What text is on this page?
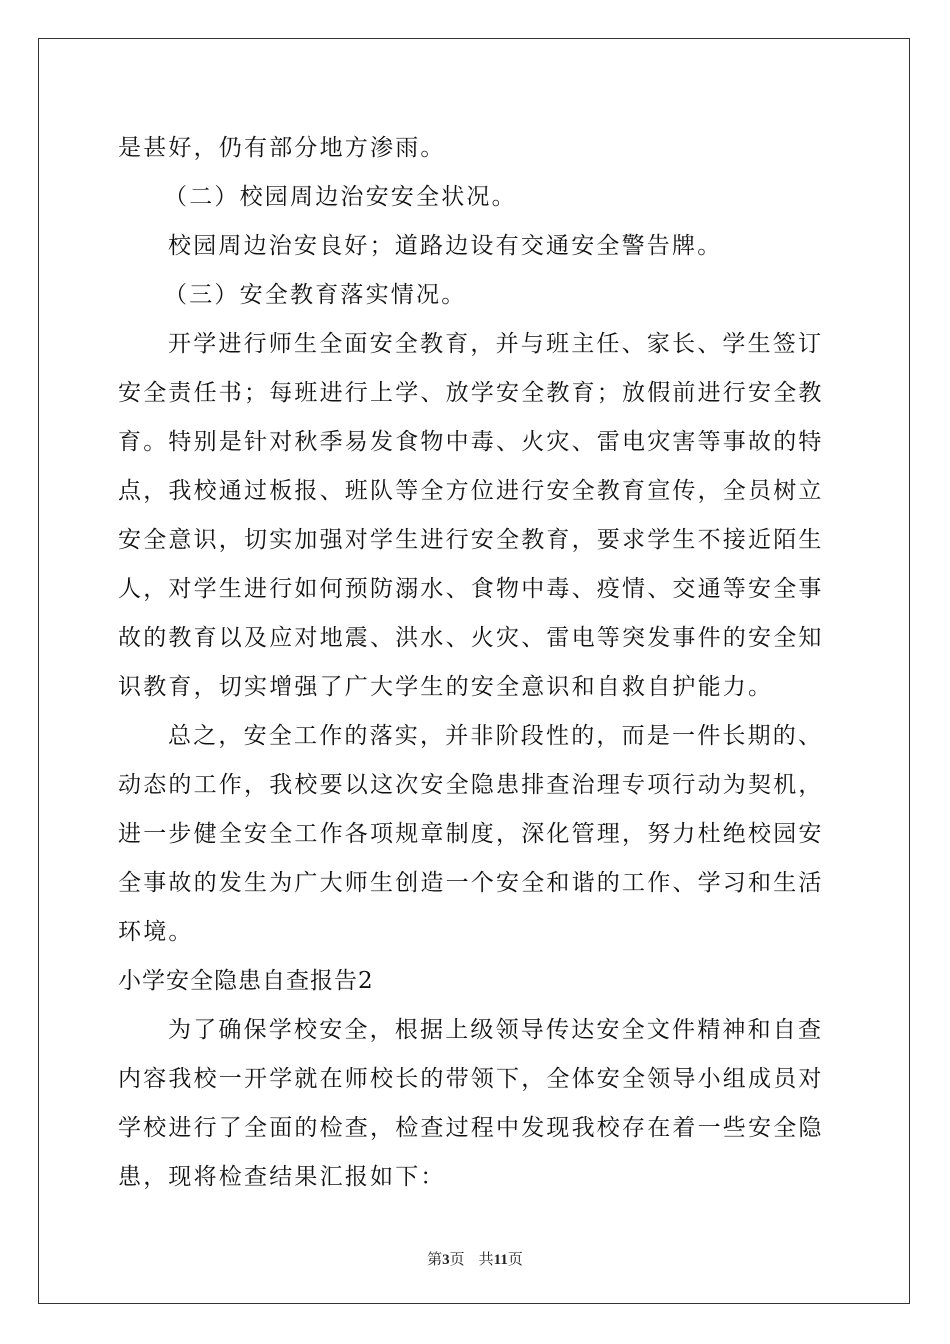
是甚好，仍有部分地方渗雨。

（二）校园周边治安安全状况。

校园周边治安良好；道路边设有交通安全警告牌。

（三）安全教育落实情况。

开学进行师生全面安全教育，并与班主任、家长、学生签订安全责任书；每班进行上学、放学安全教育；放假前进行安全教育。特别是针对秋季易发食物中毒、火灾、雷电灾害等事故的特点，我校通过板报、班队等全方位进行安全教育宣传，全员树立安全意识，切实加强对学生进行安全教育，要求学生不接近陌生人，对学生进行如何预防溺水、食物中毒、疫情、交通等安全事故的教育以及应对地震、洪水、火灾、雷电等突发事件的安全知识教育，切实增强了广大学生的安全意识和自救自护能力。

总之，安全工作的落实，并非阶段性的，而是一件长期的、动态的工作，我校要以这次安全隐患排查治理专项行动为契机，进一步健全安全工作各项规章制度，深化管理，努力杜绝校园安全事故的发生为广大师生创造一个安全和谐的工作、学习和生活环境。

小学安全隐患自查报告2

为了确保学校安全，根据上级领导传达安全文件精神和自查内容我校一开学就在师校长的带领下，全体安全领导小组成员对学校进行了全面的检查，检查过程中发现我校存在着一些安全隐患，现将检查结果汇报如下：

第3页 共11页
